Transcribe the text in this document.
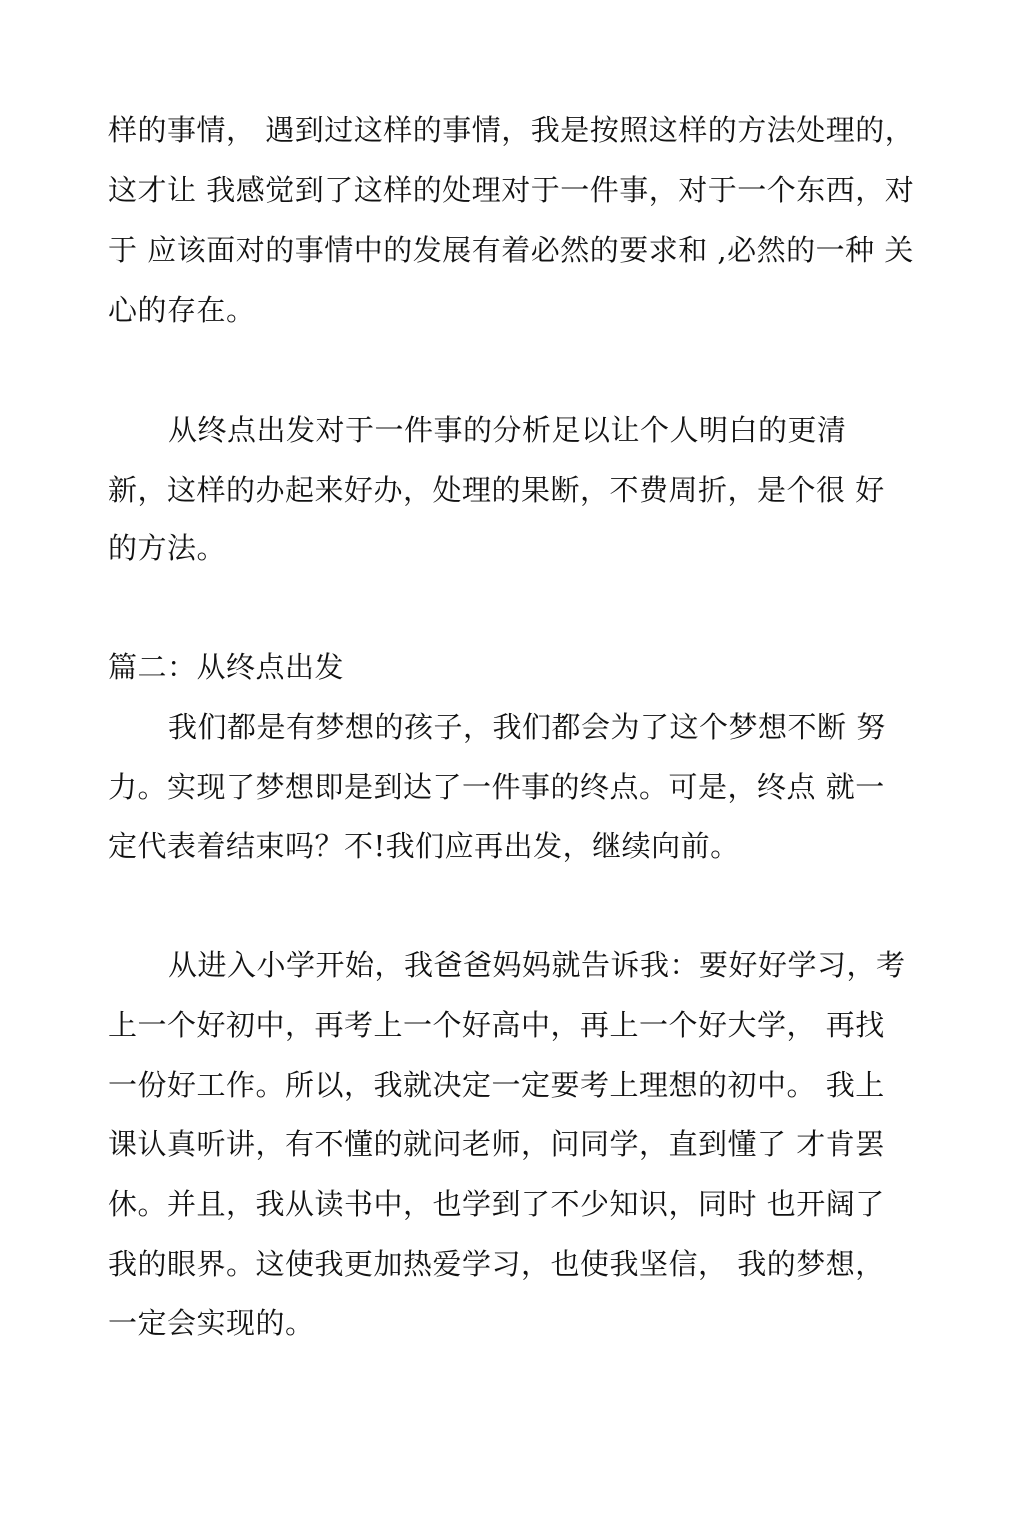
样的事情， 遇到过这样的事情，我是按照这样的方法处理的，
这才让 我感觉到了这样的处理对于一件事，对于一个东西，对
于 应该面对的事情中的发展有着必然的要求和 ,必然的一种 关
心的存在。
从终点出发对于一件事的分析足以让个人明白的更清
新，这样的办起来好办，处理的果断，不费周折，是个很 好
的方法。
篇二：从终点出发
我们都是有梦想的孩子，我们都会为了这个梦想不断 努
力。实现了梦想即是到达了一件事的终点。可是，终点 就一
定代表着结束吗？不!我们应再出发，继续向前。
从进入小学开始，我爸爸妈妈就告诉我：要好好学习，考
上一个好初中，再考上一个好高中，再上一个好大学， 再找
一份好工作。所以，我就决定一定要考上理想的初中。 我上
课认真听讲，有不懂的就问老师，问同学，直到懂了 才肯罢
休。并且，我从读书中，也学到了不少知识，同时 也开阔了
我的眼界。这使我更加热爱学习，也使我坚信， 我的梦想，
一定会实现的。
